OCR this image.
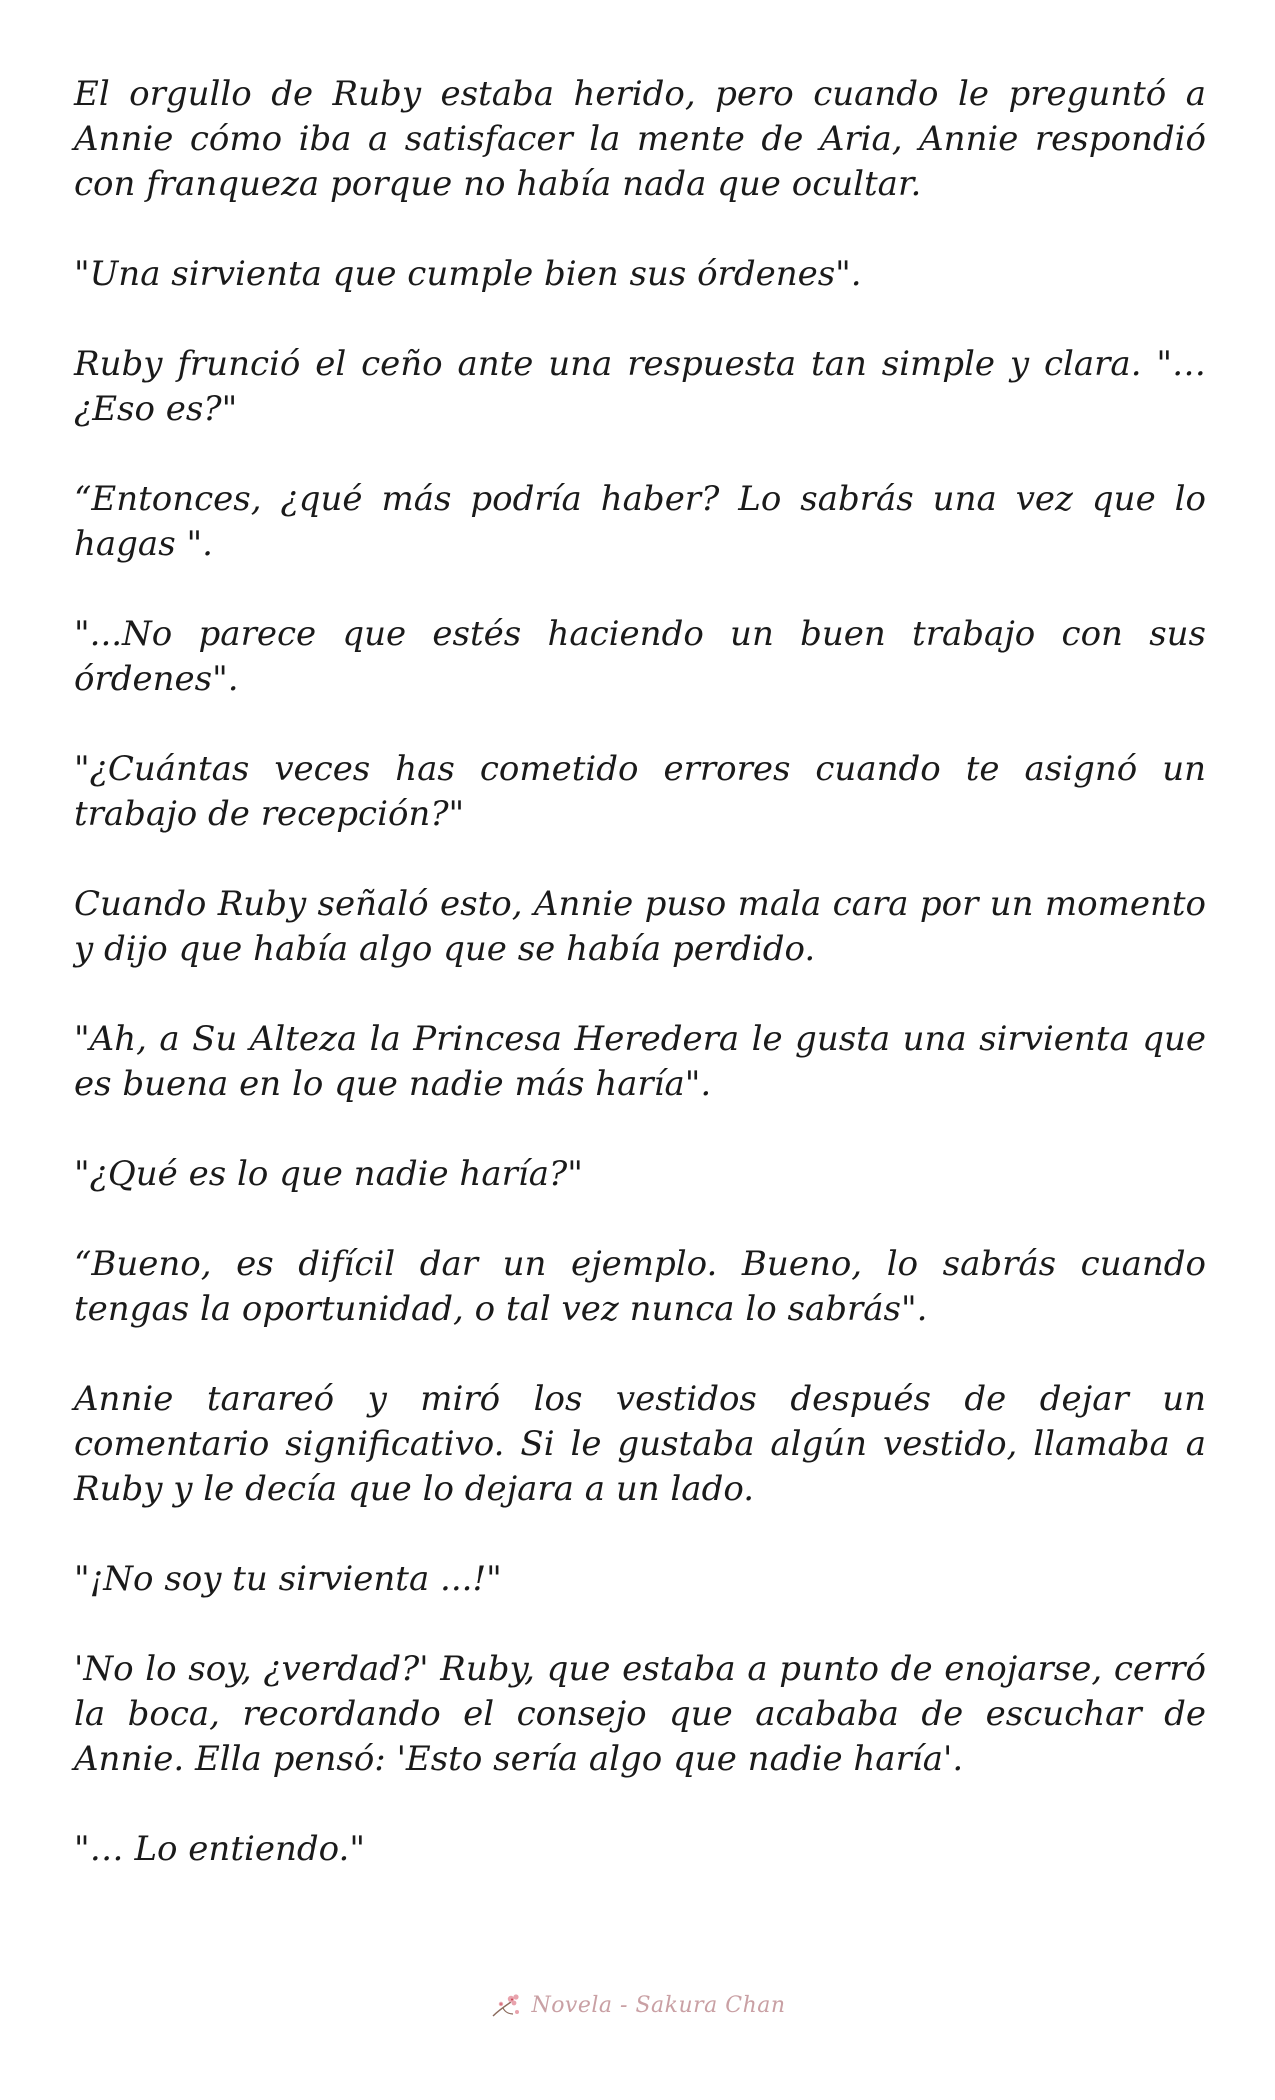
El orgullo de Ruby estaba herido, pero cuando le preguntó a Annie cómo iba a satisfacer la mente de Aria, Annie respondió con franqueza porque no había nada que ocultar.

"Una sirvienta que cumple bien sus órdenes".

Ruby frunció el ceño ante una respuesta tan simple y clara. "… ¿Eso es?"

“Entonces, ¿qué más podría haber? Lo sabrás una vez que lo hagas ".

"...No parece que estés haciendo un buen trabajo con sus órdenes".

"¿Cuántas veces has cometido errores cuando te asignó un trabajo de recepción?"

Cuando Ruby señaló esto, Annie puso mala cara por un momento y dijo que había algo que se había perdido.

"Ah, a Su Alteza la Princesa Heredera le gusta una sirvienta que es buena en lo que nadie más haría".

"¿Qué es lo que nadie haría?"

“Bueno, es difícil dar un ejemplo. Bueno, lo sabrás cuando tengas la oportunidad, o tal vez nunca lo sabrás".

Annie tarareó y miró los vestidos después de dejar un comentario significativo. Si le gustaba algún vestido, llamaba a Ruby y le decía que lo dejara a un lado.

"¡No soy tu sirvienta ...!"

'No lo soy, ¿verdad?' Ruby, que estaba a punto de enojarse, cerró la boca, recordando el consejo que acababa de escuchar de Annie. Ella pensó: 'Esto sería algo que nadie haría'.

"… Lo entiendo."

Novela - Sakura Chan
